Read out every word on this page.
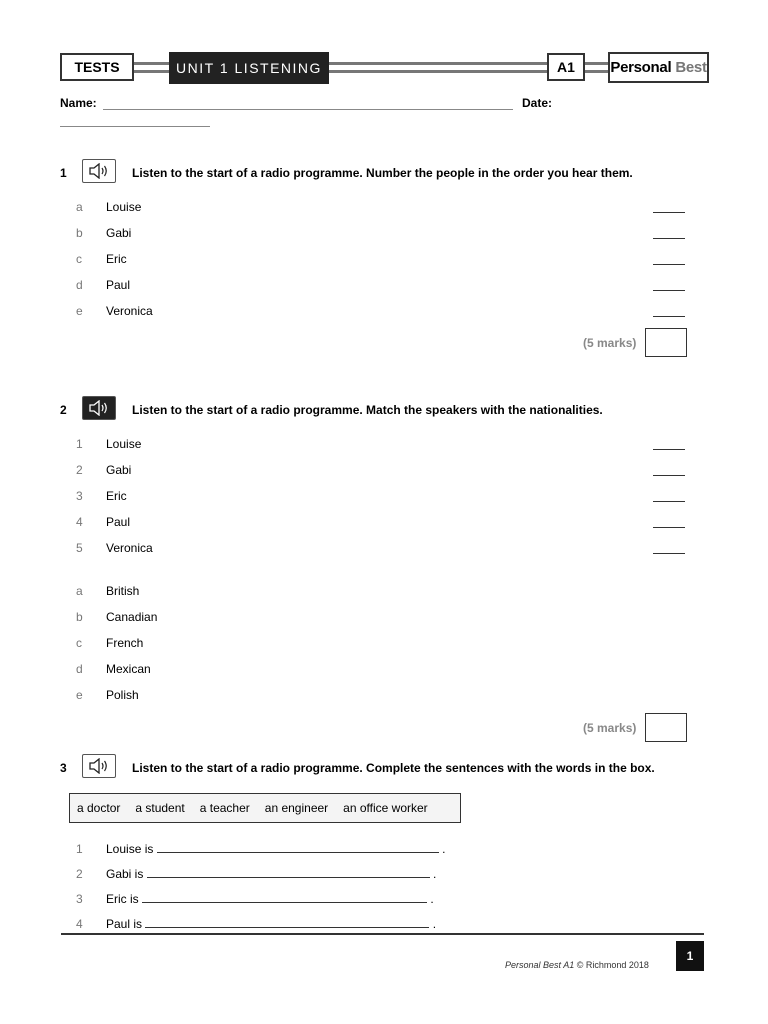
TESTS	UNIT 1 LISTENING	A1	Personal Best
Name:	Date:
1	Listen to the start of a radio programme. Number the people in the order you hear them.
a	Louise
b	Gabi
c	Eric
d	Paul
e	Veronica
(5 marks)
2	Listen to the start of a radio programme. Match the speakers with the nationalities.
1	Louise
2	Gabi
3	Eric
4	Paul
5	Veronica
a	British
b	Canadian
c	French
d	Mexican
e	Polish
(5 marks)
3	Listen to the start of a radio programme. Complete the sentences with the words in the box.
a doctor a student a teacher an engineer an office worker
1	Louise is	.
2	Gabi is	.
3	Eric is	.
4	Paul is	.
Personal Best A1 © Richmond 2018
1
